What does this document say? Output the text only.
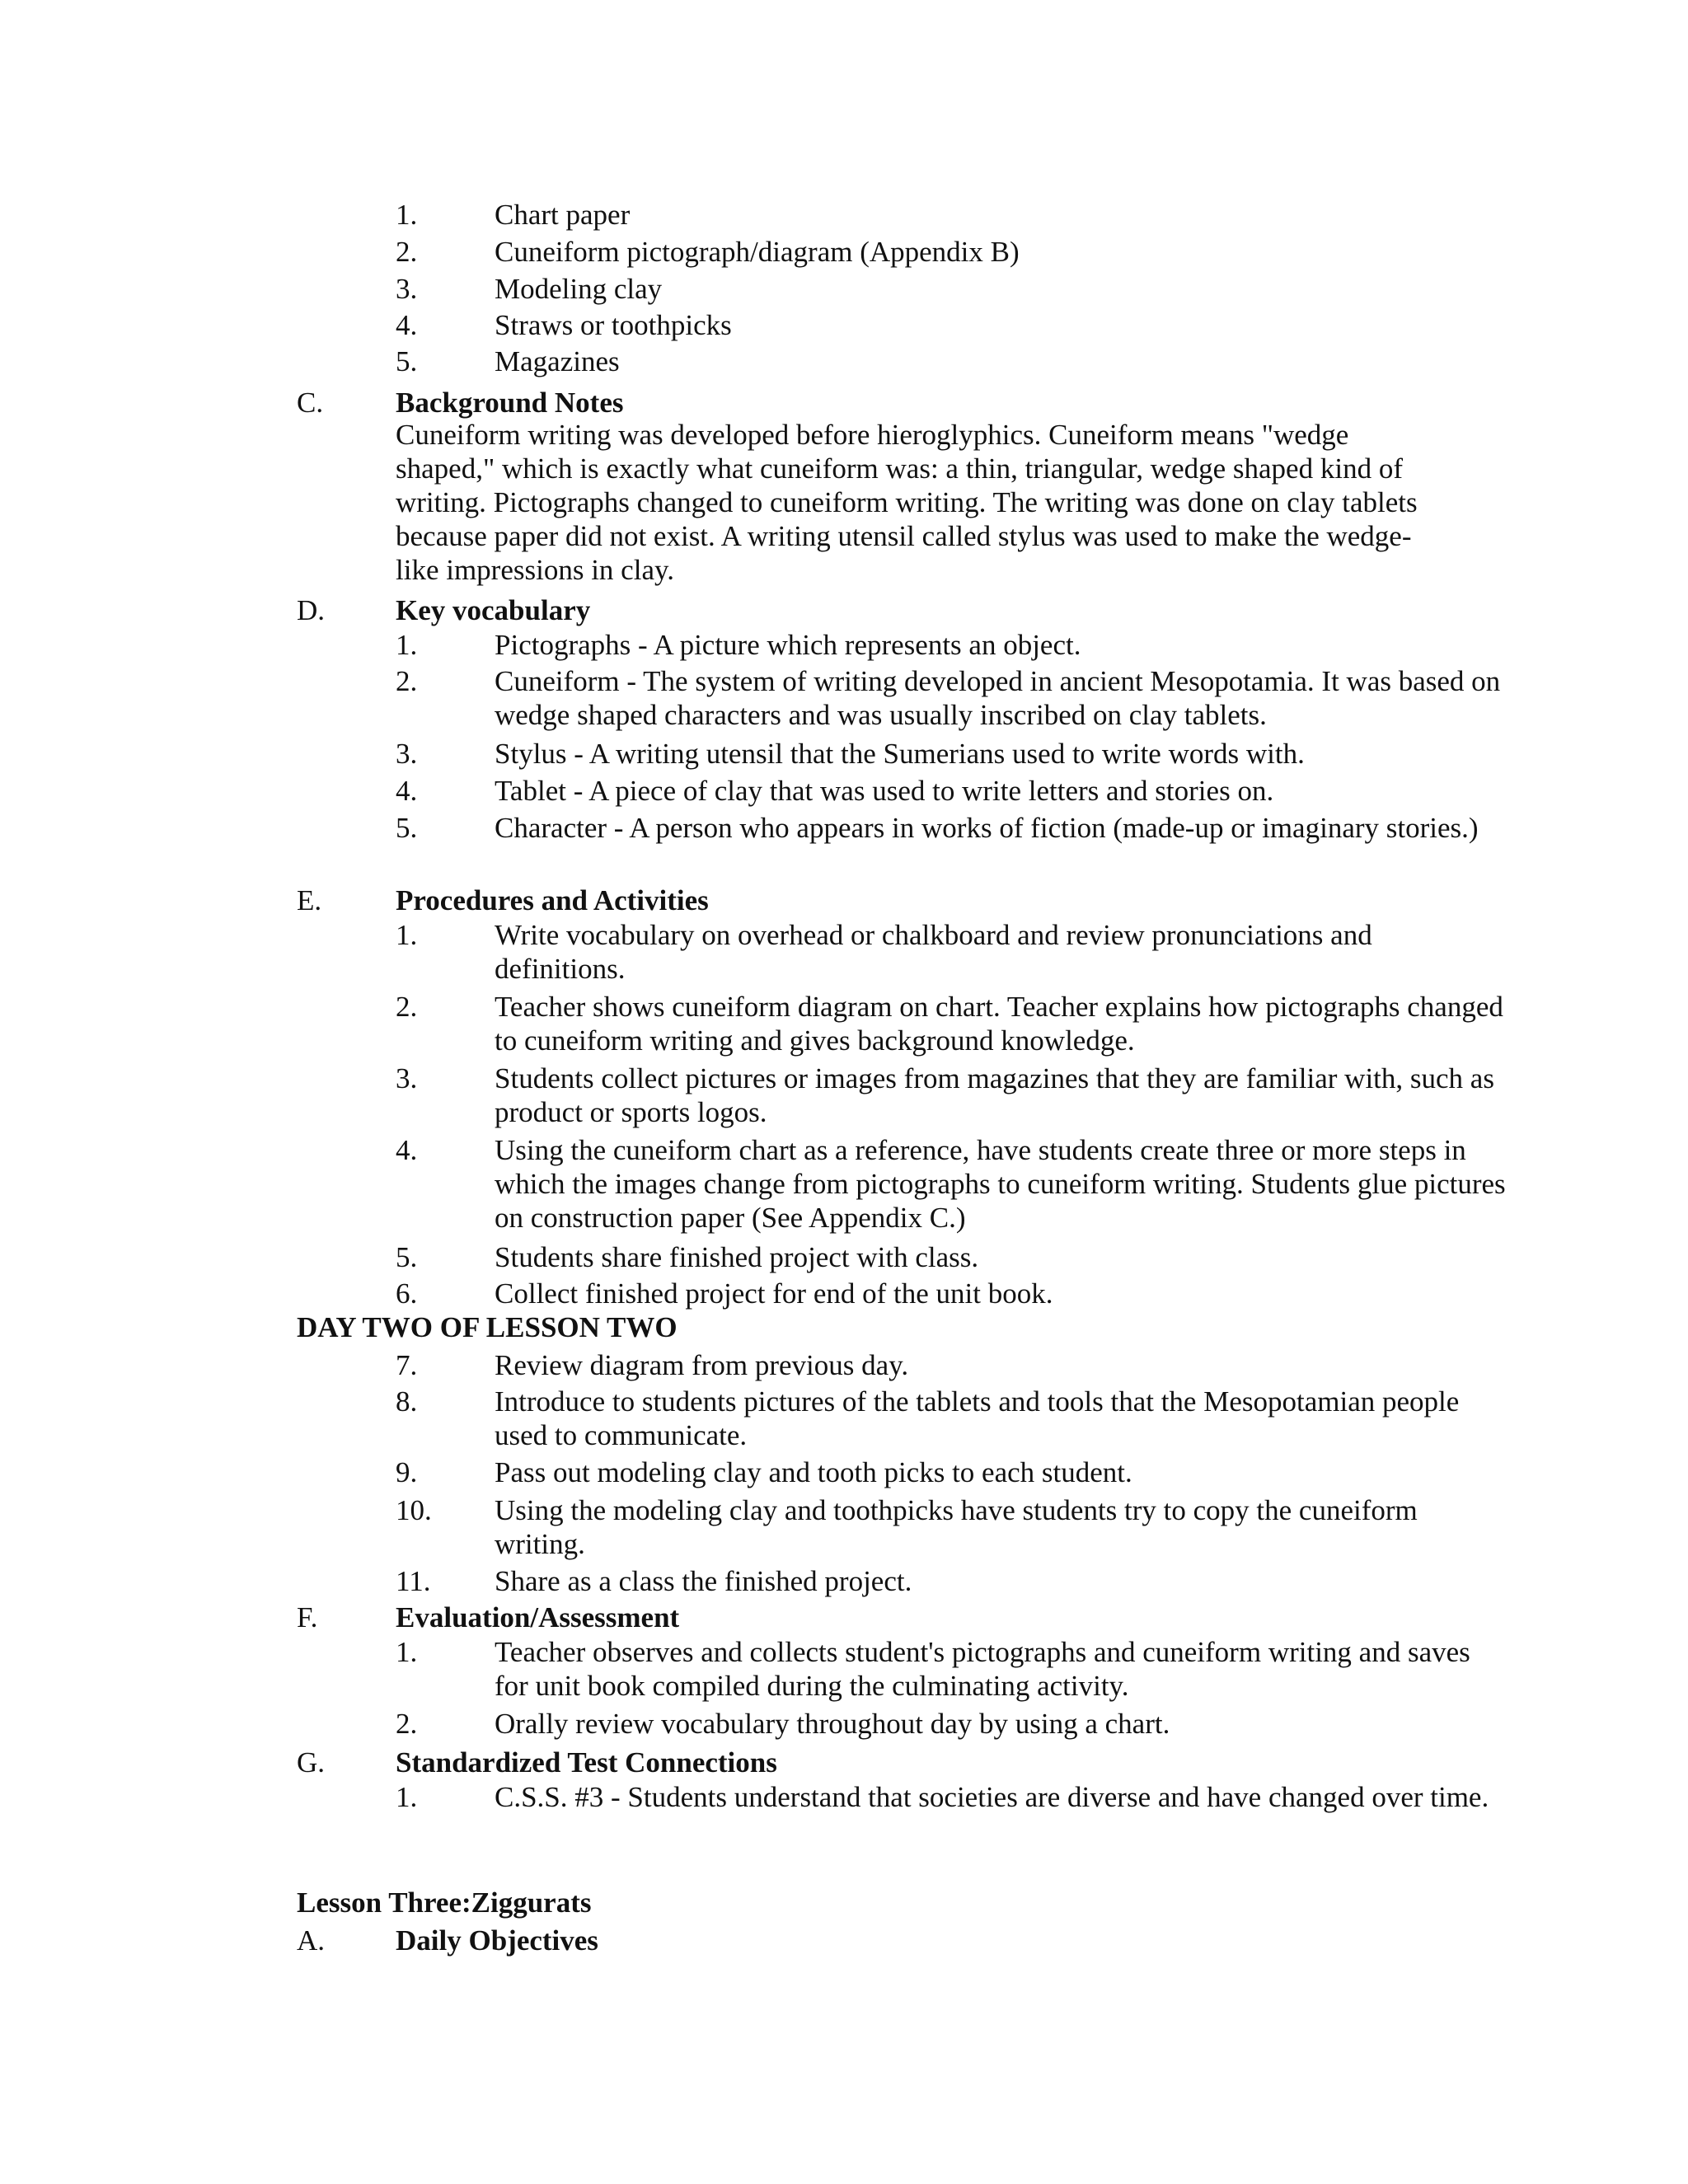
1.	Chart paper
2.	Cuneiform pictograph/diagram (Appendix B)
3.	Modeling clay
4.	Straws or toothpicks
5.	Magazines
C.	Background Notes
Cuneiform writing was developed before hieroglyphics. Cuneiform means "wedge
shaped," which is exactly what cuneiform was: a thin, triangular, wedge shaped kind of
writing. Pictographs changed to cuneiform writing. The writing was done on clay tablets
because paper did not exist. A writing utensil called stylus was used to make the wedge-
like impressions in clay.
D. Key vocabulary
1.	Pictographs - A picture which represents an object.
2.	Cuneiform - The system of writing developed in ancient Mesopotamia. It was based on wedge shaped characters and was usually inscribed on clay tablets.
3.	Stylus - A writing utensil that the Sumerians used to write words with.
4.	Tablet - A piece of clay that was used to write letters and stories on.
5.	Character - A person who appears in works of fiction (made-up or imaginary stories.)
E.	Procedures and Activities
1.	Write vocabulary on overhead or chalkboard and review pronunciations and definitions.
2.	Teacher shows cuneiform diagram on chart. Teacher explains how pictographs changed to cuneiform writing and gives background knowledge.
3.	Students collect pictures or images from magazines that they are familiar with, such as product or sports logos.
4.	Using the cuneiform chart as a reference, have students create three or more steps in which the images change from pictographs to cuneiform writing. Students glue pictures on construction paper (See Appendix C.)
5.	Students share finished project with class.
6.	Collect finished project for end of the unit book.
DAY TWO OF LESSON TWO
7.	Review diagram from previous day.
8.	Introduce to students pictures of the tablets and tools that the Mesopotamian people used to communicate.
9.	Pass out modeling clay and tooth picks to each student.
10. Using the modeling clay and toothpicks have students try to copy the cuneiform writing.
11. Share as a class the finished project.
F.	Evaluation/Assessment
1.	Teacher observes and collects student's pictographs and cuneiform writing and saves for unit book compiled during the culminating activity.
2.	Orally review vocabulary throughout day by using a chart.
G. Standardized Test Connections
1.	C.S.S. #3 - Students understand that societies are diverse and have changed over time.
Lesson Three:Ziggurats
A. Daily Objectives
